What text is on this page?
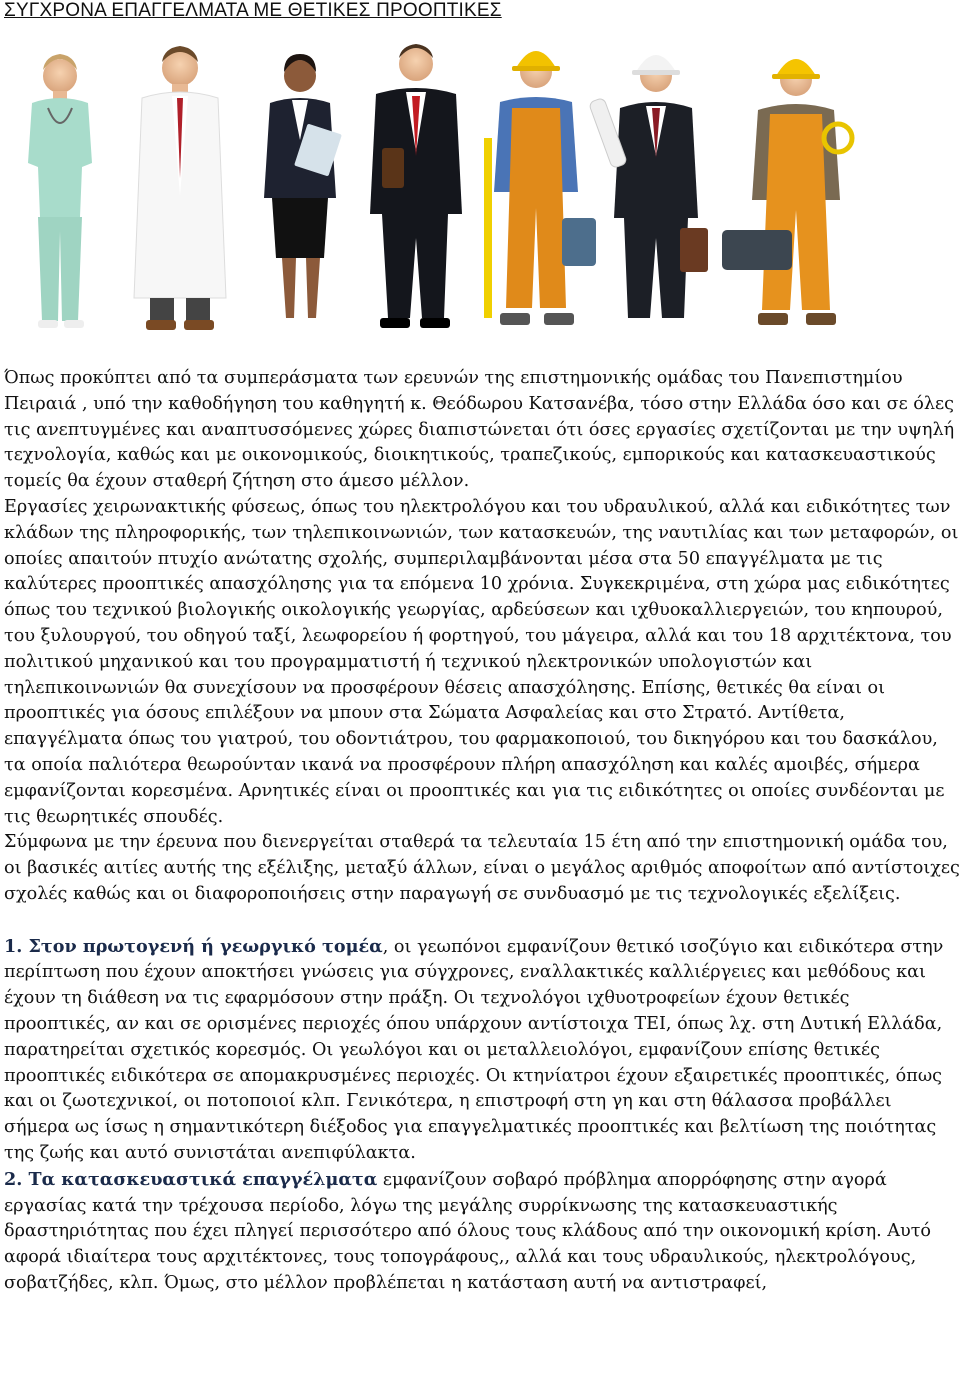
ΣΥΓΧΡΟΝΑ ΕΠΑΓΓΕΛΜΑΤΑ ΜΕ ΘΕΤΙΚΕΣ ΠΡΟΟΠΤΙΚΕΣ

Όπως προκύπτει από τα συμπεράσματα των ερευνών της επιστημονικής ομάδας του Πανεπιστημίου Πειραιά , υπό την καθοδήγηση του καθηγητή κ. Θεόδωρου Κατσανέβα, τόσο στην Ελλάδα όσο και σε όλες τις ανεπτυγμένες και αναπτυσσόμενες χώρες διαπιστώνεται ότι όσες εργασίες σχετίζονται με την υψηλή τεχνολογία, καθώς και με οικονομικούς, διοικητικούς, τραπεζικούς, εμπορικούς και κατασκευαστικούς τομείς θα έχουν σταθερή ζήτηση στο άμεσο μέλλον.

Εργασίες χειρωνακτικής φύσεως, όπως του ηλεκτρολόγου και του υδραυλικού, αλλά και ειδικότητες των κλάδων της πληροφορικής, των τηλεπικοινωνιών, των κατασκευών, της ναυτιλίας και των μεταφορών, οι οποίες απαιτούν πτυχίο ανώτατης σχολής, συμπεριλαμβάνονται μέσα στα 50 επαγγέλματα με τις καλύτερες προοπτικές απασχόλησης για τα επόμενα 10 χρόνια. Συγκεκριμένα, στη χώρα μας ειδικότητες όπως του τεχνικού βιολογικής οικολογικής γεωργίας, αρδεύσεων και ιχθυοκαλλιεργειών, του κηπουρού, του ξυλουργού, του οδηγού ταξί, λεωφορείου ή φορτηγού, του μάγειρα, αλλά και του 18 αρχιτέκτονα, του πολιτικού μηχανικού και του προγραμματιστή ή τεχνικού ηλεκτρονικών υπολογιστών και τηλεπικοινωνιών θα συνεχίσουν να προσφέρουν θέσεις απασχόλησης. Επίσης, θετικές θα είναι οι προοπτικές για όσους επιλέξουν να μπουν στα Σώματα Ασφαλείας και στο Στρατό. Αντίθετα, επαγγέλματα όπως του γιατρού, του οδοντιάτρου, του φαρμακοποιού, του δικηγόρου και του δασκάλου, τα οποία παλιότερα θεωρούνταν ικανά να προσφέρουν πλήρη απασχόληση και καλές αμοιβές, σήμερα εμφανίζονται κορεσμένα. Αρνητικές είναι οι προοπτικές και για τις ειδικότητες οι οποίες συνδέονται με τις θεωρητικές σπουδές.

Σύμφωνα με την έρευνα που διενεργείται σταθερά τα τελευταία 15 έτη από την επιστημονική ομάδα του, οι βασικές αιτίες αυτής της εξέλιξης, μεταξύ άλλων, είναι ο μεγάλος αριθμός αποφοίτων από αντίστοιχες σχολές καθώς και οι διαφοροποιήσεις στην παραγωγή σε συνδυασμό με τις τεχνολογικές εξελίξεις.

1. Στον πρωτογενή ή γεωργικό τομέα, οι γεωπόνοι εμφανίζουν θετικό ισοζύγιο και ειδικότερα στην περίπτωση που έχουν αποκτήσει γνώσεις για σύγχρονες, εναλλακτικές καλλιέργειες και μεθόδους και έχουν τη διάθεση να τις εφαρμόσουν στην πράξη. Οι τεχνολόγοι ιχθυοτροφείων έχουν θετικές προοπτικές, αν και σε ορισμένες περιοχές όπου υπάρχουν αντίστοιχα ΤΕΙ, όπως λχ. στη Δυτική Ελλάδα, παρατηρείται σχετικός κορεσμός. Οι γεωλόγοι και οι μεταλλειολόγοι, εμφανίζουν επίσης θετικές προοπτικές ειδικότερα σε απομακρυσμένες περιοχές. Οι κτηνίατροι έχουν εξαιρετικές προοπτικές, όπως και οι ζωοτεχνικοί, οι ποτοποιοί κλπ. Γενικότερα, η επιστροφή στη γη και στη θάλασσα προβάλλει σήμερα ως ίσως η σημαντικότερη διέξοδος για επαγγελματικές προοπτικές και βελτίωση της ποιότητας της ζωής και αυτό συνιστάται ανεπιφύλακτα.

2. Τα κατασκευαστικά επαγγέλματα εμφανίζουν σοβαρό πρόβλημα απορρόφησης στην αγορά εργασίας κατά την τρέχουσα περίοδο, λόγω της μεγάλης συρρίκνωσης της κατασκευαστικής δραστηριότητας που έχει πληγεί περισσότερο από όλους τους κλάδους από την οικονομική κρίση. Αυτό αφορά ιδιαίτερα τους αρχιτέκτονες, τους τοπογράφους,, αλλά και τους υδραυλικούς, ηλεκτρολόγους, σοβατζήδες, κλπ. Όμως, στο μέλλον προβλέπεται η κατάσταση αυτή να αντιστραφεί,
